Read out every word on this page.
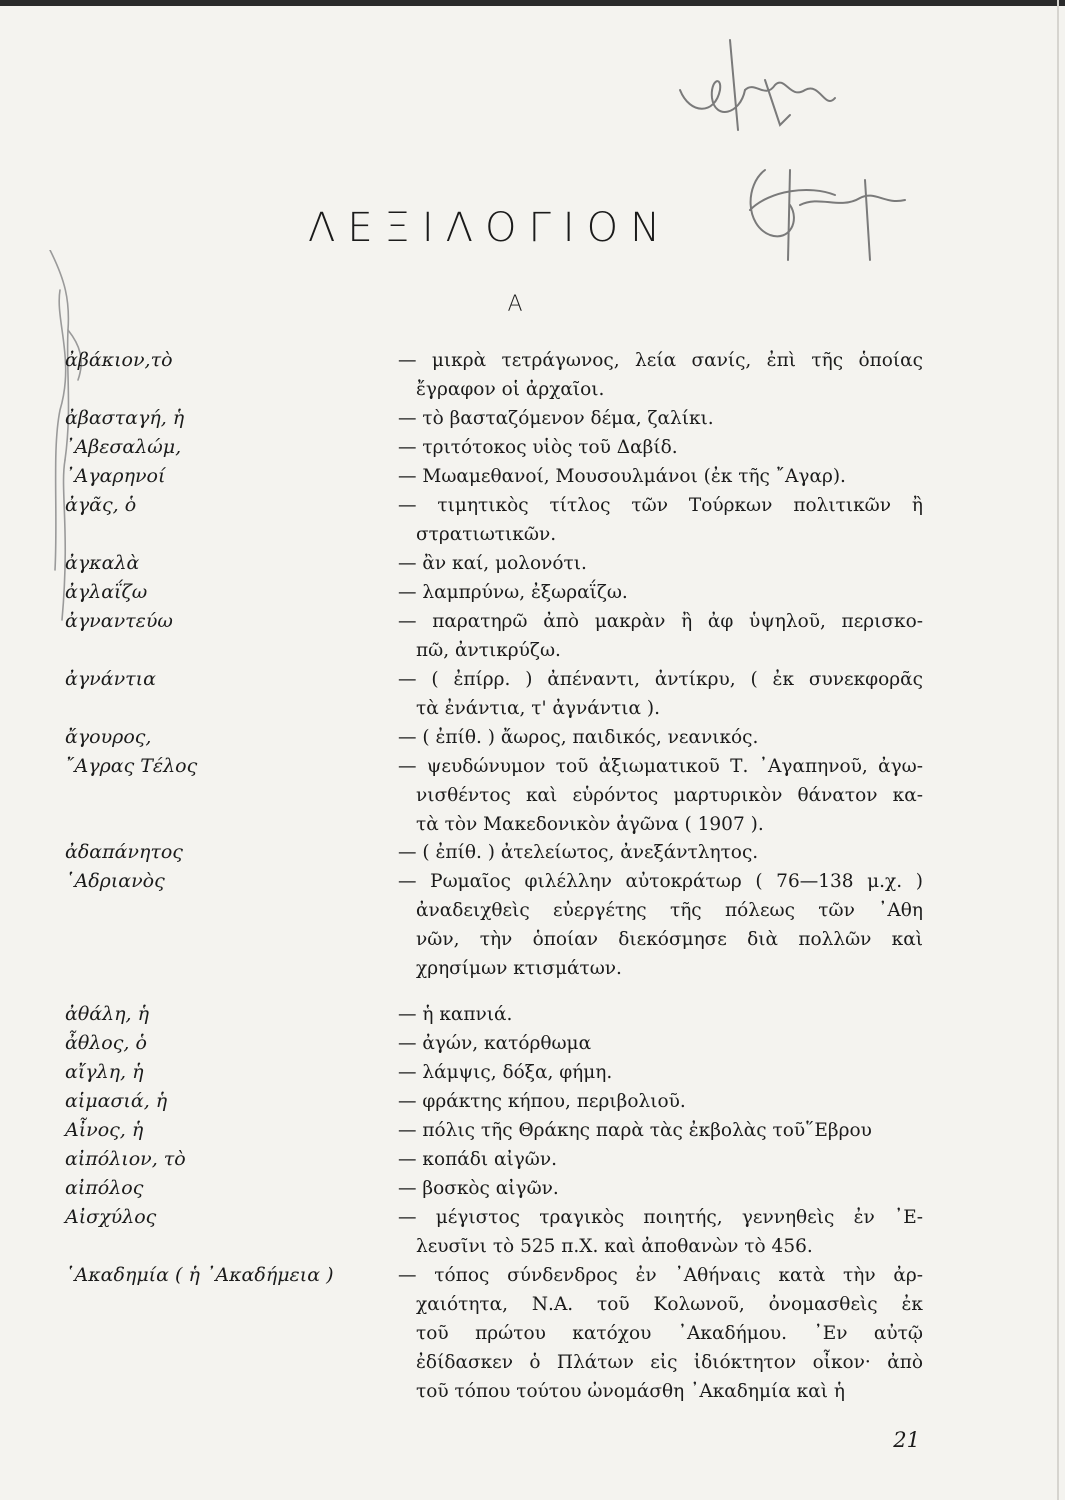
ΛΕΞΙΛΟΓΙΟΝ
Α
ἀβάκιον,τὸ	— μικρὰ τετράγωνος, λεία σανίς, ἐπὶ τῆς ὁποίας
ἔγραφον οἱ ἀρχαῖοι.
ἀβασταγή, ἡ	— τὸ βασταζόμενον δέμα, ζαλίκι.
᾿Αβεσαλώμ,	— τριτότοκος υἱὸς τοῦ Δαβίδ.
᾿Αγαρηνοί	— Μωαμεθανοί, Μουσουλμάνοι (ἐκ τῆς ῎Αγαρ).
ἀγᾶς, ὁ	— τιμητικὸς τίτλος τῶν Τούρκων πολιτικῶν ἢ
στρατιωτικῶν.
ἀγκαλὰ	— ἂν καί, μολονότι.
ἀγλαΐζω	— λαμπρύνω, ἐξωραΐζω.
ἀγναντεύω	— παρατηρῶ ἀπὸ μακρὰν ἢ ἀφ ὑψηλοῦ, περισκο-
πῶ, ἀντικρύζω.
ἀγνάντια	— ( ἐπίρρ. ) ἀπέναντι, ἀντίκρυ, ( ἐκ συνεκφορᾶς
τὰ ἐνάντια, τ' ἀγνάντια ).
ἄγουρος,	— ( ἐπίθ. ) ἄωρος, παιδικός, νεανικός.
῎Αγρας Τέλος	— ψευδώνυμον τοῦ ἀξιωματικοῦ Τ. ᾿Αγαπηνοῦ, ἀγω-
νισθέντος καὶ εὑρόντος μαρτυρικὸν θάνατον κα-
τὰ τὸν Μακεδονικὸν ἀγῶνα ( 1907 ).
ἀδαπάνητος	— ( ἐπίθ. ) ἀτελείωτος, ἀνεξάντλητος.
῾Αδριανὸς	— Ρωμαῖος φιλέλλην αὐτοκράτωρ ( 76—138 μ.χ. )
ἀναδειχθεὶς εὐεργέτης τῆς πόλεως τῶν ᾿Αθη
νῶν, τὴν ὁποίαν διεκόσμησε διὰ πολλῶν καὶ
χρησίμων κτισμάτων.
ἀθάλη, ἡ	— ἡ καπνιά.
ἆθλος, ὁ	— ἀγών, κατόρθωμα
αἴγλη, ἡ	— λάμψις, δόξα, φήμη.
αἱμασιά, ἡ	— φράκτης κήπου, περιβολιοῦ.
Αἶνος, ἡ	— πόλις τῆς Θράκης παρὰ τὰς ἐκβολὰς τοῦ῞Εβρου
αἰπόλιον, τὸ	— κοπάδι αἰγῶν.
αἰπόλος	— βοσκὸς αἰγῶν.
Αἰσχύλος	— μέγιστος τραγικὸς ποιητής, γεννηθεὶς ἐν ᾿Ε-
λευσῖνι τὸ 525 π.Χ. καὶ ἀποθανὼν τὸ 456.
῾Ακαδημία ( ἡ ᾿Ακαδήμεια )	— τόπος σύνδενδρος ἐν ᾿Αθήναις κατὰ τὴν ἀρ-
χαιότητα, Ν.Α. τοῦ Κολωνοῦ, ὀνομασθεὶς ἐκ
τοῦ πρώτου κατόχου ᾿Ακαδήμου. ᾿Εν αὐτῷ
ἐδίδασκεν ὁ Πλάτων εἰς ἰδιόκτητον οἶκον· ἀπὸ
τοῦ τόπου τούτου ὠνομάσθη ᾿Ακαδημία καὶ ἡ
21
